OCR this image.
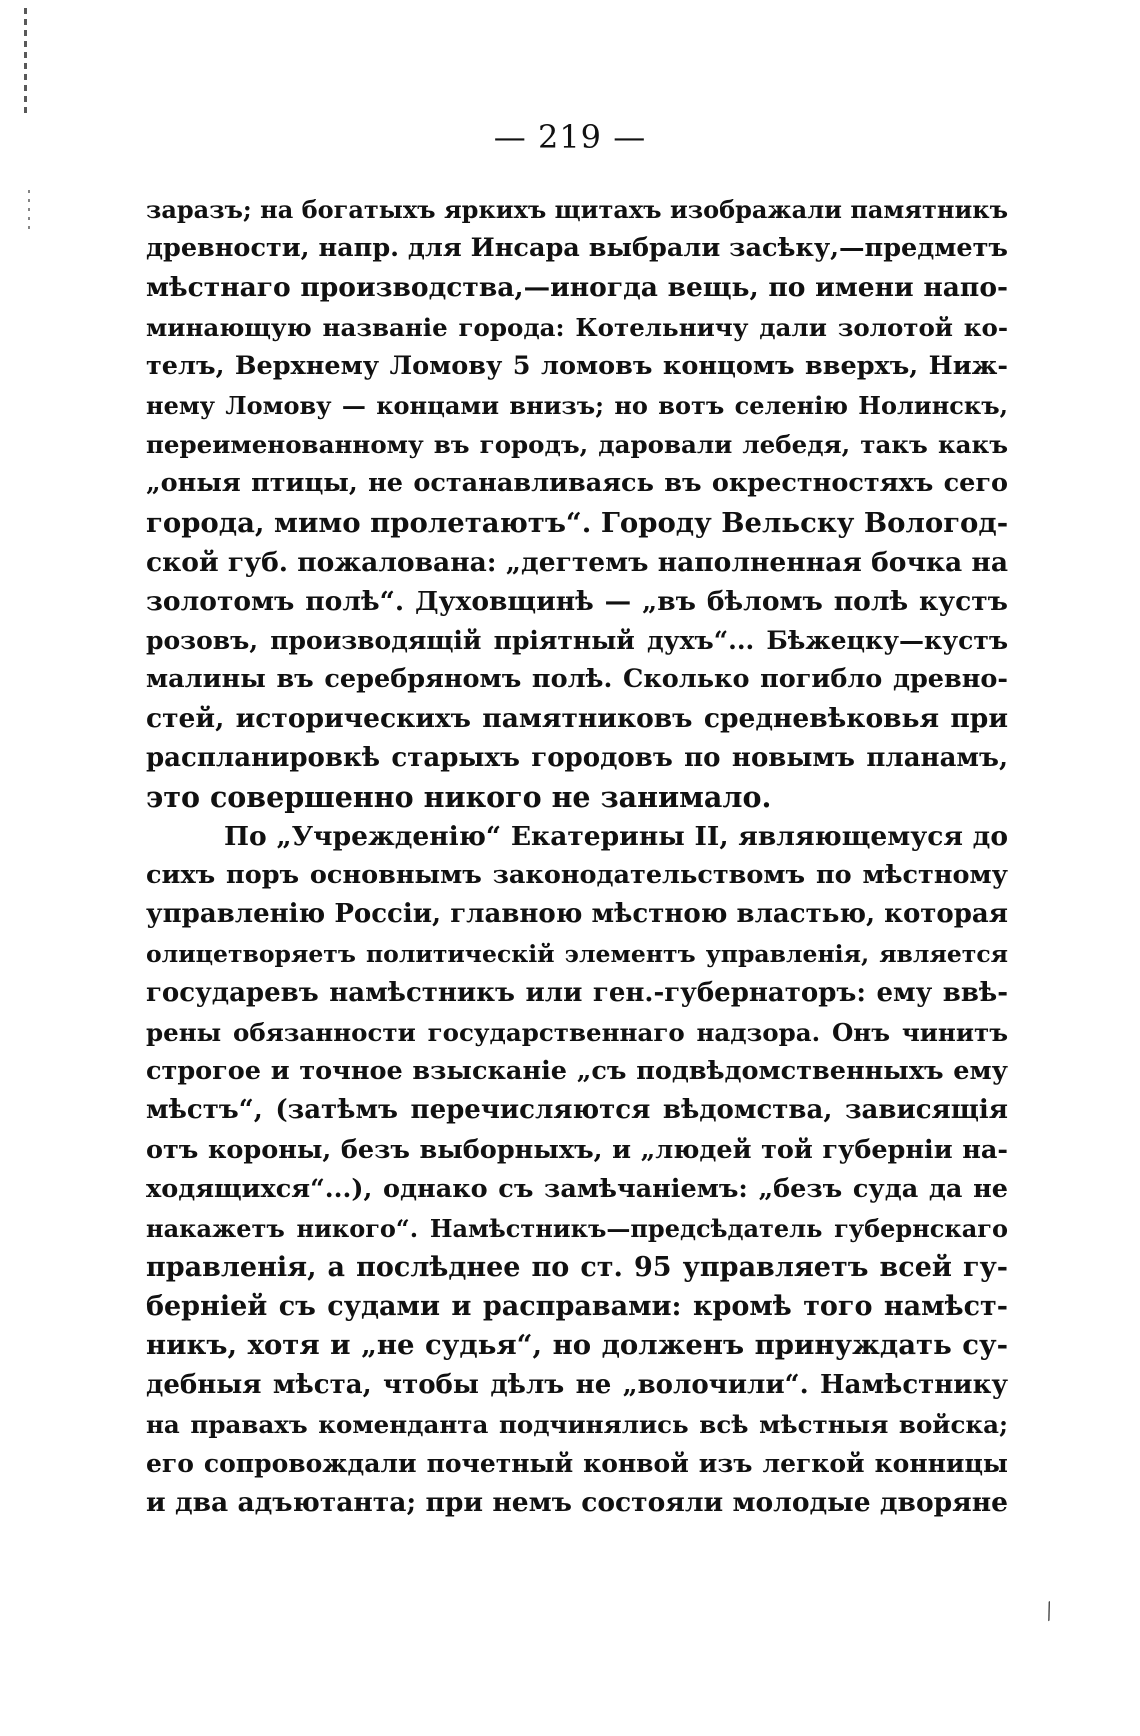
— 219 —
заразъ; на богатыхъ яркихъ щитахъ изображали памятникъ
древности, напр. для Инсара выбрали засѣку,—предметъ
мѣстнаго производства,—иногда вещь, по имени напо-
минающую названіе города: Котельничу дали золотой ко-
телъ, Верхнему Ломову 5 ломовъ концомъ вверхъ, Ниж-
нему Ломову — концами внизъ; но вотъ селенію Нолинскъ,
переименованному въ городъ, даровали лебедя, такъ какъ
„оныя птицы, не останавливаясь въ окрестностяхъ сего
города, мимо пролетаютъ“. Городу Вельску Вологод-
ской губ. пожалована: „дегтемъ наполненная бочка на
золотомъ полѣ“. Духовщинѣ — „въ бѣломъ полѣ кустъ
розовъ, производящій пріятный духъ“... Бѣжецку—кустъ
малины въ серебряномъ полѣ. Сколько погибло древно-
стей, историческихъ памятниковъ средневѣковья при
распланировкѣ старыхъ городовъ по новымъ планамъ,
это совершенно никого не занимало.
По „Учрежденію“ Екатерины II, являющемуся до
сихъ поръ основнымъ законодательствомъ по мѣстному
управленію Россіи, главною мѣстною властью, которая
олицетворяетъ политическій элементъ управленія, является
государевъ намѣстникъ или ген.-губернаторъ: ему ввѣ-
рены обязанности государственнаго надзора. Онъ чинитъ
строгое и точное взысканіе „съ подвѣдомственныхъ ему
мѣстъ“, (затѣмъ перечисляются вѣдомства, зависящія
отъ короны, безъ выборныхъ, и „людей той губерніи на-
ходящихся“...), однако съ замѣчаніемъ: „безъ суда да не
накажетъ никого“. Намѣстникъ—предсѣдатель губернскаго
правленія, а послѣднее по ст. 95 управляетъ всей гу-
берніей съ судами и расправами: кромѣ того намѣст-
никъ, хотя и „не судья“, но долженъ принуждать су-
дебныя мѣста, чтобы дѣлъ не „волочили“. Намѣстнику
на правахъ коменданта подчинялись всѣ мѣстныя войска;
его сопровождали почетный конвой изъ легкой конницы
и два адъютанта; при немъ состояли молодые дворяне
⁄
